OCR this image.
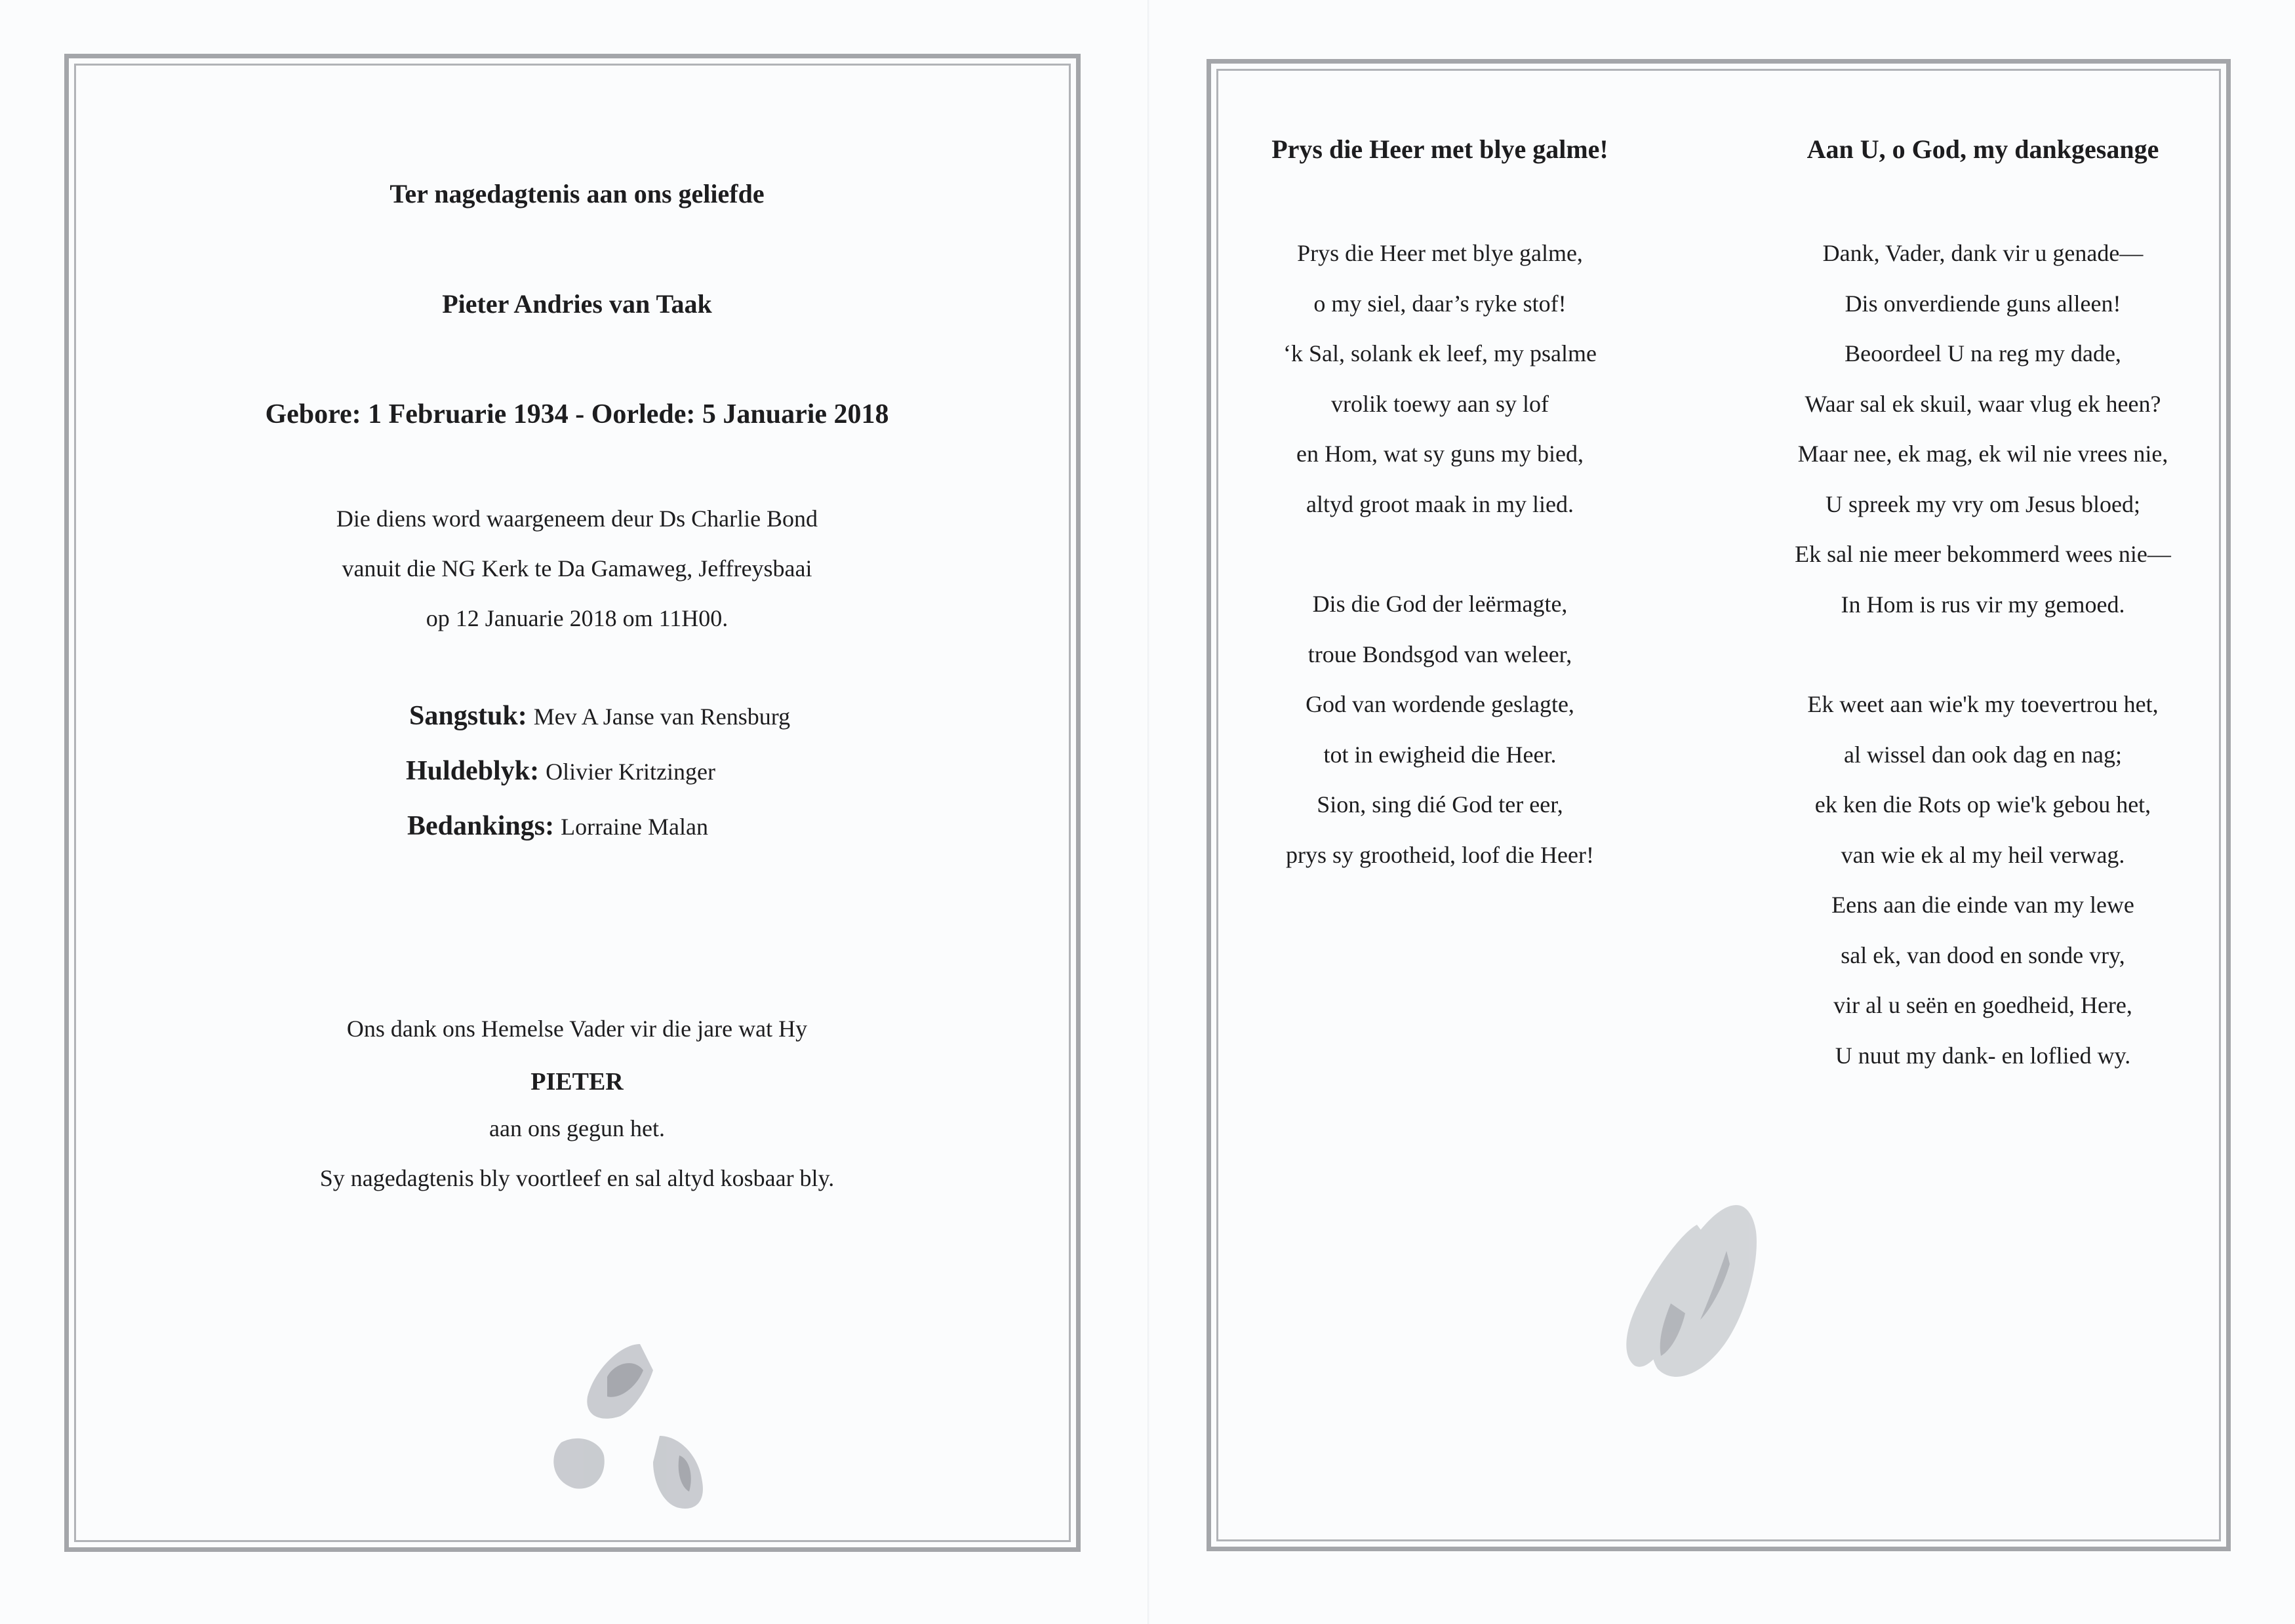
Ter nagedagtenis aan ons geliefde
Pieter Andries van Taak
Gebore: 1 Februarie 1934 - Oorlede: 5 Januarie 2018
Die diens word waargeneem deur Ds Charlie Bond
vanuit die NG Kerk te Da Gamaweg, Jeffreysbaai
op 12 Januarie 2018 om 11H00.
Sangstuk: Mev A Janse van Rensburg
Huldeblyk: Olivier Kritzinger
Bedankings: Lorraine Malan
Ons dank ons Hemelse Vader vir die jare wat Hy
PIETER
aan ons gegun het.
Sy nagedagtenis bly voortleef en sal altyd kosbaar bly.
Prys die Heer met blye galme!
Prys die Heer met blye galme,
o my siel, daar’s ryke stof!
‘k Sal, solank ek leef, my psalme
vrolik toewy aan sy lof
en Hom, wat sy guns my bied,
altyd groot maak in my lied.
Dis die God der leërmagte,
troue Bondsgod van weleer,
God van wordende geslagte,
tot in ewigheid die Heer.
Sion, sing dié God ter eer,
prys sy grootheid, loof die Heer!
Aan U, o God, my dankgesange
Dank, Vader, dank vir u genade—
Dis onverdiende guns alleen!
Beoordeel U na reg my dade,
Waar sal ek skuil, waar vlug ek heen?
Maar nee, ek mag, ek wil nie vrees nie,
U spreek my vry om Jesus bloed;
Ek sal nie meer bekommerd wees nie—
In Hom is rus vir my gemoed.
Ek weet aan wie'k my toevertrou het,
al wissel dan ook dag en nag;
ek ken die Rots op wie'k gebou het,
van wie ek al my heil verwag.
Eens aan die einde van my lewe
sal ek, van dood en sonde vry,
vir al u seën en goedheid, Here,
U nuut my dank- en loflied wy.
